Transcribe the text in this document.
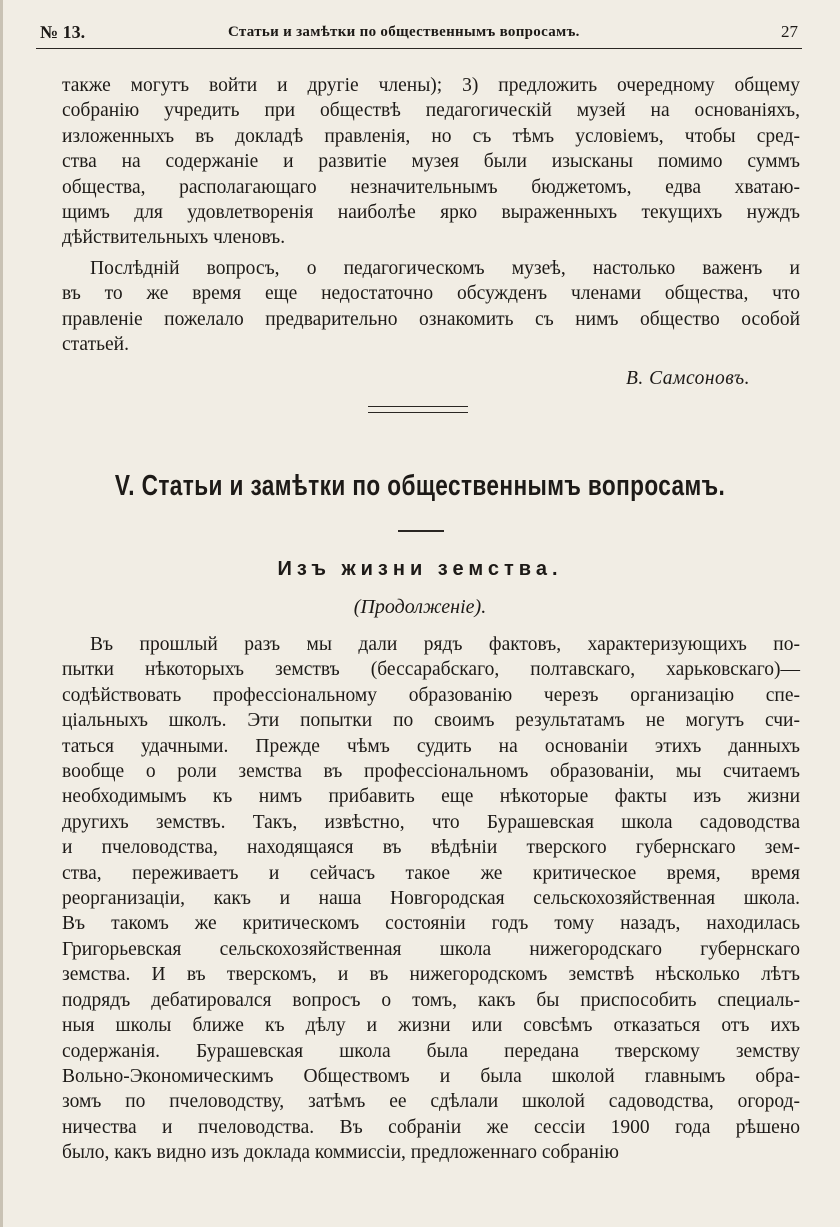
№ 13.	Статьи и замѣтки по общественнымъ вопросамъ.	27
также могутъ войти и другіе члены); 3) предложить очередному общему
собранію учредить при обществѣ педагогическій музей на основаніяхъ,
изложенныхъ въ докладѣ правленія, но съ тѣмъ условіемъ, чтобы сред-
ства на содержаніе и развитіе музея были изысканы помимо суммъ
общества, располагающаго незначительнымъ бюджетомъ, едва хватаю-
щимъ для удовлетворенія наиболѣе ярко выраженныхъ текущихъ нуждъ
дѣйствительныхъ членовъ.
Послѣдній вопросъ, о педагогическомъ музеѣ, настолько важенъ и
въ то же время еще недостаточно обсужденъ членами общества, что
правленіе пожелало предварительно ознакомить съ нимъ общество особой
статьей.
В. Самсоновъ.
V. Статьи и замѣтки по общественнымъ вопросамъ.
Изъ жизни земства.
(Продолженіе).
Въ прошлый разъ мы дали рядъ фактовъ, характеризующихъ по-
пытки нѣкоторыхъ земствъ (бессарабскаго, полтавскаго, харьковскаго)—
содѣйствовать профессіональному образованію черезъ организацію спе-
ціальныхъ школъ. Эти попытки по своимъ результатамъ не могутъ счи-
таться удачными. Прежде чѣмъ судить на основаніи этихъ данныхъ
вообще о роли земства въ профессіональномъ образованіи, мы считаемъ
необходимымъ къ нимъ прибавить еще нѣкоторые факты изъ жизни
другихъ земствъ. Такъ, извѣстно, что Бурашевская школа садоводства
и пчеловодства, находящаяся въ вѣдѣніи тверского губернскаго зем-
ства, переживаетъ и сейчасъ такое же критическое время, время
реорганизаціи, какъ и наша Новгородская сельскохозяйственная школа.
Въ такомъ же критическомъ состояніи годъ тому назадъ, находилась
Григорьевская сельскохозяйственная школа нижегородскаго губернскаго
земства. И въ тверскомъ, и въ нижегородскомъ земствѣ нѣсколько лѣтъ
подрядъ дебатировался вопросъ о томъ, какъ бы приспособить специаль-
ныя школы ближе къ дѣлу и жизни или совсѣмъ отказаться отъ ихъ
содержанія. Бурашевская школа была передана тверскому земству
Вольно-Экономическимъ Обществомъ и была школой главнымъ обра-
зомъ по пчеловодству, затѣмъ ее сдѣлали школой садоводства, огород-
ничества и пчеловодства. Въ собраніи же сессіи 1900 года рѣшено
было, какъ видно изъ доклада коммиссіи, предложеннаго собранію
